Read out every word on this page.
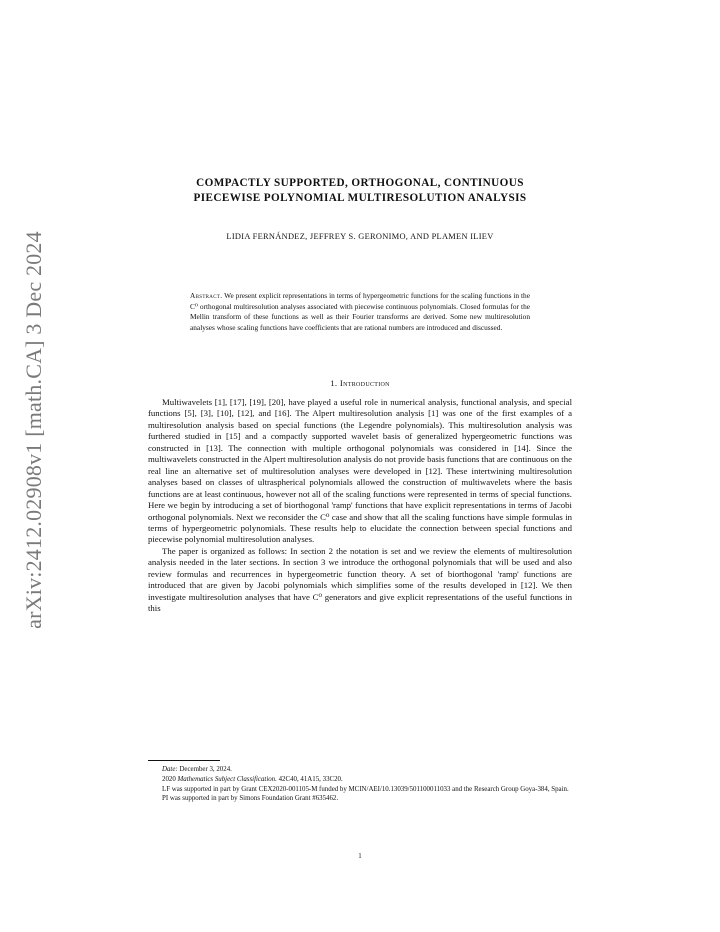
arXiv:2412.02908v1 [math.CA] 3 Dec 2024
COMPACTLY SUPPORTED, ORTHOGONAL, CONTINUOUS
PIECEWISE POLYNOMIAL MULTIRESOLUTION ANALYSIS
LIDIA FERNÁNDEZ, JEFFREY S. GERONIMO, AND PLAMEN ILIEV
Abstract. We present explicit representations in terms of hypergeometric functions for the scaling functions in the C⁰ orthogonal multiresolution analyses associated with piecewise continuous polynomials. Closed formulas for the Mellin transform of these functions as well as their Fourier transforms are derived. Some new multiresolution analyses whose scaling functions have coefficients that are rational numbers are introduced and discussed.
1. Introduction

Multiwavelets [1], [17], [19], [20], have played a useful role in numerical analysis, functional analysis, and special functions [5], [3], [10], [12], and [16]. The Alpert multiresolution analysis [1] was one of the first examples of a multiresolution analysis based on special functions (the Legendre polynomials). This multiresolution analysis was furthered studied in [15] and a compactly supported wavelet basis of generalized hypergeometric functions was constructed in [13]. The connection with multiple orthogonal polynomials was considered in [14]. Since the multiwavelets constructed in the Alpert multiresolution analysis do not provide basis functions that are continuous on the real line an alternative set of multiresolution analyses were developed in [12]. These intertwining multiresolution analyses based on classes of ultraspherical polynomials allowed the construction of multiwavelets where the basis functions are at least continuous, however not all of the scaling functions were represented in terms of special functions. Here we begin by introducing a set of biorthogonal 'ramp' functions that have explicit representations in terms of Jacobi orthogonal polynomials. Next we reconsider the C⁰ case and show that all the scaling functions have simple formulas in terms of hypergeometric polynomials. These results help to elucidate the connection between special functions and piecewise polynomial multiresolution analyses.

The paper is organized as follows: In section 2 the notation is set and we review the elements of multiresolution analysis needed in the later sections. In section 3 we introduce the orthogonal polynomials that will be used and also review formulas and recurrences in hypergeometric function theory. A set of biorthogonal 'ramp' functions are introduced that are given by Jacobi polynomials which simplifies some of the results developed in [12]. We then investigate multiresolution analyses that have C⁰ generators and give explicit representations of the useful functions in this

Date: December 3, 2024.

2020 Mathematics Subject Classification. 42C40, 41A15, 33C20.

LF was supported in part by Grant CEX2020-001105-M funded by MCIN/AEI/10.13039/501100011033 and the Research Group Goya-384, Spain.

PI was supported in part by Simons Foundation Grant #635462.

1
